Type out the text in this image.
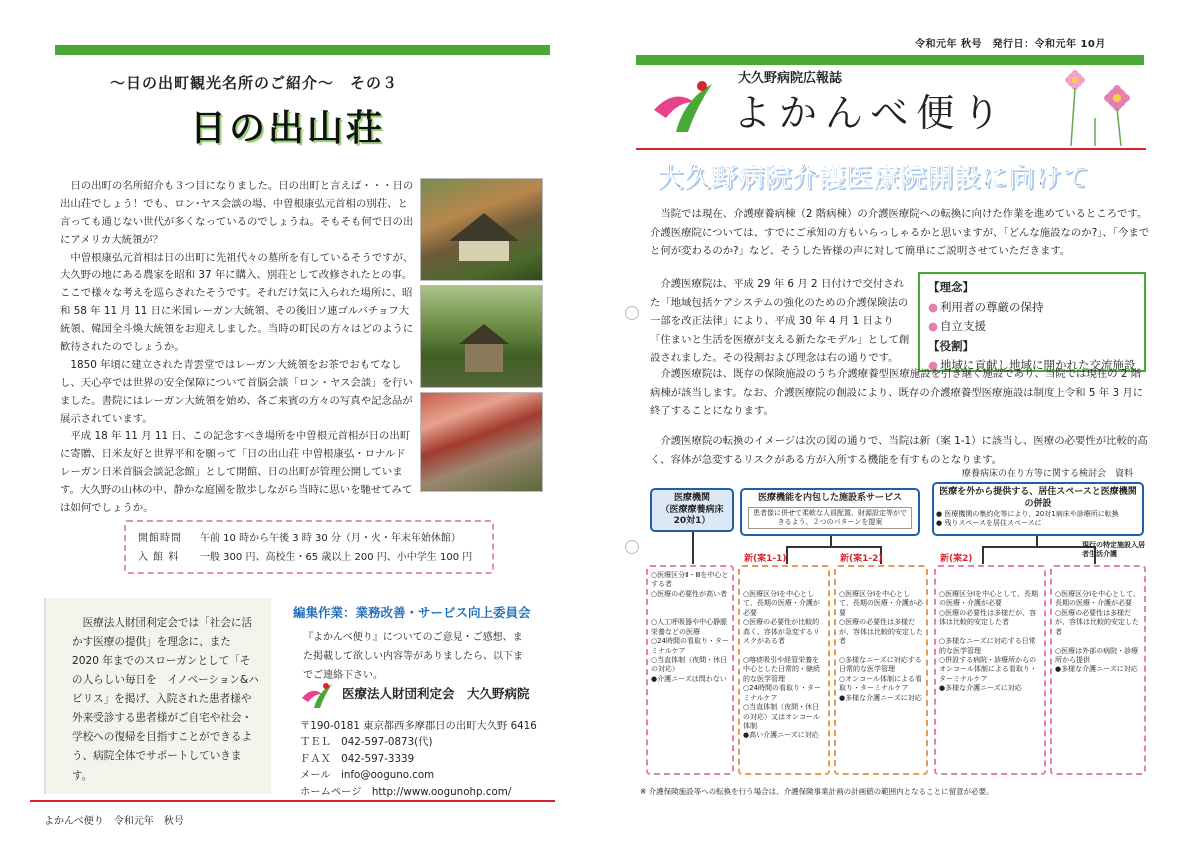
〜日の出町観光名所のご紹介〜　その３
日の出山荘

日の出町の名所紹介も３つ目になりました。日の出町と言えば・・・日の出山荘でしょう！でも、ロン･ヤス会談の場、中曽根康弘元首相の別荘、と言っても通じない世代が多くなっているのでしょうね。そもそも何で日の出にアメリカ大統領が？

中曽根康弘元首相は日の出町に先祖代々の墓所を有しているそうですが、大久野の地にある農家を昭和 37 年に購入、別荘として改修されたとの事。ここで様々な考えを巡らされたそうです。それだけ気に入られた場所に、昭和 58 年 11 月 11 日に米国レーガン大統領、その後旧ソ連ゴルバチョフ大統領、韓国全斗煥大統領をお迎えしました。当時の町民の方々はどのように歓待されたのでしょうか。

1850 年頃に建立された青雲堂ではレーガン大統領をお茶でおもてなしし、天心亭では世界の安全保障について首脳会談「ロン・ヤス会談」を行いました。書院にはレーガン大統領を始め、各ご来賓の方々の写真や記念品が展示されています。

平成 18 年 11 月 11 日、この記念すべき場所を中曽根元首相が日の出町に寄贈、日米友好と世界平和を願って「日の出山荘 中曽根康弘・ロナルド レーガン日米首脳会談記念館」として開館、日の出町が管理公開しています。大久野の山林の中、静かな庭園を散歩しながら当時に思いを馳せてみては如何でしょうか。

開館時間	午前 10 時から午後 3 時 30 分（月・火・年末年始休館）
入 館 料	一般 300 円、高校生・65 歳以上 200 円、小中学生 100 円

医療法人財団利定会では「社会に活かす医療の提供」を理念に、また 2020 年までのスローガンとして「その人らしい毎日を　イノベーション&ハビリス」を掲げ、入院された患者様や外来受診する患者様がご自宅や社会・学校への復帰を目指すことができるよう、病院全体でサポートしていきます。

編集作業：業務改善・サービス向上委員会
『よかんべ便り』についてのご意見・ご感想、また掲載して欲しい内容等がありましたら、以下までご連絡下さい。
医療法人財団利定会　大久野病院
〒190-0181 東京都西多摩郡日の出町大久野 6416
ＴＥＬ　042-597-0873(代)
ＦＡＸ　042-597-3339
メール　info@ooguno.com
ホームページ　http://www.oogunohp.com/
よかんべ便り　令和元年　秋号
令和元年 秋号　発行日：令和元年 10月
大久野病院広報誌
よかんべ便り
大久野病院介護医療院開設に向けて

当院では現在、介護療養病棟（2 階病棟）の介護医療院への転換に向けた作業を進めているところです。介護医療院については、すでにご承知の方もいらっしゃるかと思いますが、「どんな施設なのか?」、「今までと何が変わるのか?」など、そうした皆様の声に対して簡単にご説明させていただきます。

介護医療院は、平成 29 年 6 月 2 日付けで交付された「地域包括ケアシステムの強化のための介護保険法の一部を改正法律」により、平成 30 年 4 月 1 日より「住まいと生活を医療が支える新たなモデル」として創設されました。その役割および理念は右の通りです。

【理念】
● 利用者の尊厳の保持
● 自立支援
【役割】
● 地域に貢献し地域に開かれた交流施設

介護医療院は、既存の保険施設のうち介護療養型医療施設を引き継ぐ施設であり、当院では現在の 2 階病棟が該当します。なお、介護医療院の創設により、既存の介護療養型医療施設は制度上令和 5 年 3 月に終了することになります。

介護医療院の転換のイメージは次の図の通りで、当院は新（案 1-1）に該当し、医療の必要性が比較的高く、容体が急変するリスクがある方が入所する機能を有すものとなります。

療養病床の在り方等に関する検討会　資料
医療機関
（医療療養病床 20対1）
医療機能を内包した施設系サービス
患者像に併せて柔軟な人員配置、財源設定等ができるよう、２つのパターンを提案
医療を外から提供する、居住スペースと医療機関の併設
● 医療機関の集約化等により、20対1病床や診療所に転換
● 残りスペースを居住スペースに
○医療区分Ⅱ・Ⅲを中心とする者
○医療の必要性が高い者

○人工呼吸器や中心静脈栄養などの医療
○24時間の看取り・ターミナルケア
○当直体制（夜間・休日の対応）
●介護ニーズは問わない

新(案1-1)

○医療区分Ⅰを中心として、長期の医療・介護が必要
○医療の必要性が比較的高く、容体が急変するリスクがある者

○喀痰吸引や経管栄養を中心とした日常的・継続的な医学管理
○24時間の看取り・ターミナルケア
○当直体制（夜間・休日の対応）又はオンコール体制
●高い介護ニーズに対応

新(案1-2)

○医療区分Ⅰを中心として、長期の医療・介護が必要
○医療の必要性は多様だが、容体は比較的安定した者

○多様なニーズに対応する日常的な医学管理
○オンコール体制による看取り・ターミナルケア
●多様な介護ニーズに対応

新(案2)

○医療区分Ⅰを中心として、長期の医療・介護が必要
○医療の必要性は多様だが、容体は比較的安定した者

○多様なニーズに対応する日常的な医学管理
○併設する病院・診療所からのオンコール体制による看取り・ターミナルケア
●多様な介護ニーズに対応

現行の特定施設入居者生活介護

○医療区分Ⅰを中心として、長期の医療・介護が必要
○医療の必要性は多様だが、容体は比較的安定した者

○医療は外部の病院・診療所から提供
●多様な介護ニーズに対応

※ 介護保険施設等への転換を行う場合は、介護保険事業計画の計画値の範囲内となることに留意が必要。
